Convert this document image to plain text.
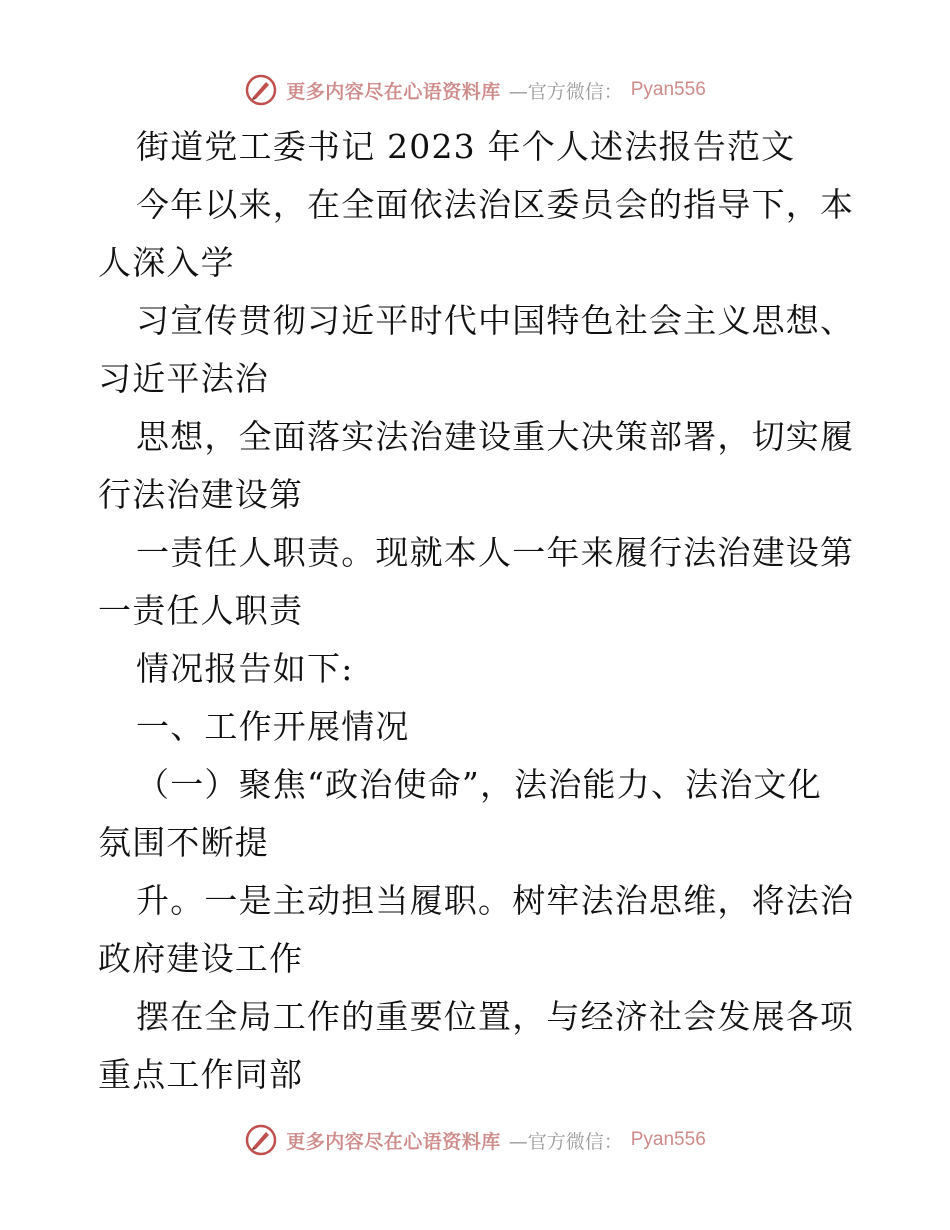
更多内容尽在心语资料库 —官方微信： Pyan556
街道党工委书记 2023 年个人述法报告范文
今年以来，在全面依法治区委员会的指导下，本
人深入学
习宣传贯彻习近平时代中国特色社会主义思想、
习近平法治
思想，全面落实法治建设重大决策部署，切实履
行法治建设第
一责任人职责。现就本人一年来履行法治建设第
一责任人职责
情况报告如下:
一、工作开展情况
（一）聚焦“政治使命”，法治能力、法治文化
氛围不断提
升。一是主动担当履职。树牢法治思维，将法治
政府建设工作
摆在全局工作的重要位置，与经济社会发展各项
重点工作同部
更多内容尽在心语资料库 —官方微信： Pyan556
